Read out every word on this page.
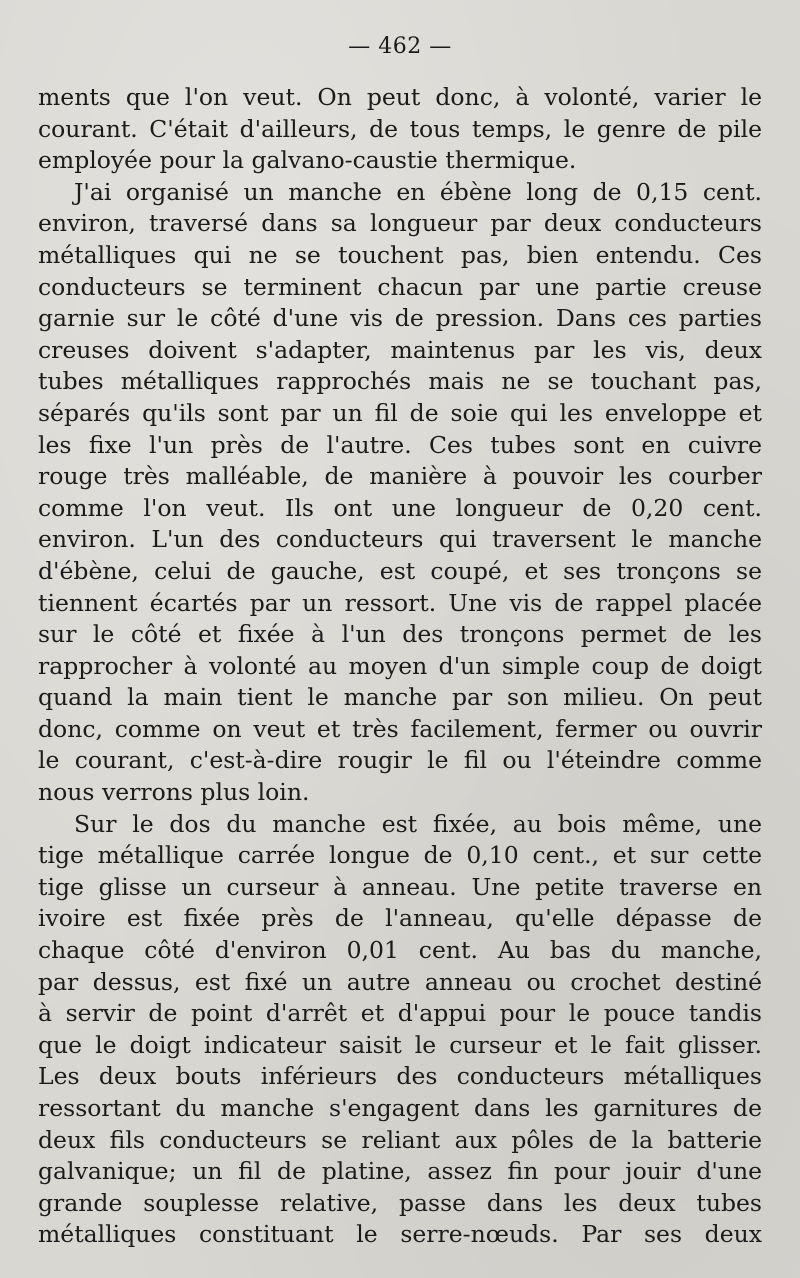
— 462 —
ments que l'on veut. On peut donc, à volonté, varier le
courant. C'était d'ailleurs, de tous temps, le genre de pile
employée pour la galvano-caustie thermique.
J'ai organisé un manche en ébène long de 0,15 cent.
environ, traversé dans sa longueur par deux conducteurs
métalliques qui ne se touchent pas, bien entendu. Ces
conducteurs se terminent chacun par une partie creuse
garnie sur le côté d'une vis de pression. Dans ces parties
creuses doivent s'adapter, maintenus par les vis, deux
tubes métalliques rapprochés mais ne se touchant pas,
séparés qu'ils sont par un fil de soie qui les enveloppe et
les fixe l'un près de l'autre. Ces tubes sont en cuivre
rouge très malléable, de manière à pouvoir les courber
comme l'on veut. Ils ont une longueur de 0,20 cent.
environ. L'un des conducteurs qui traversent le manche
d'ébène, celui de gauche, est coupé, et ses tronçons se
tiennent écartés par un ressort. Une vis de rappel placée
sur le côté et fixée à l'un des tronçons permet de les
rapprocher à volonté au moyen d'un simple coup de doigt
quand la main tient le manche par son milieu. On peut
donc, comme on veut et très facilement, fermer ou ouvrir
le courant, c'est-à-dire rougir le fil ou l'éteindre comme
nous verrons plus loin.
Sur le dos du manche est fixée, au bois même, une
tige métallique carrée longue de 0,10 cent., et sur cette
tige glisse un curseur à anneau. Une petite traverse en
ivoire est fixée près de l'anneau, qu'elle dépasse de
chaque côté d'environ 0,01 cent. Au bas du manche,
par dessus, est fixé un autre anneau ou crochet destiné
à servir de point d'arrêt et d'appui pour le pouce tandis
que le doigt indicateur saisit le curseur et le fait glisser.
Les deux bouts inférieurs des conducteurs métalliques
ressortant du manche s'engagent dans les garnitures de
deux fils conducteurs se reliant aux pôles de la batterie
galvanique; un fil de platine, assez fin pour jouir d'une
grande souplesse relative, passe dans les deux tubes
métalliques constituant le serre-nœuds. Par ses deux
